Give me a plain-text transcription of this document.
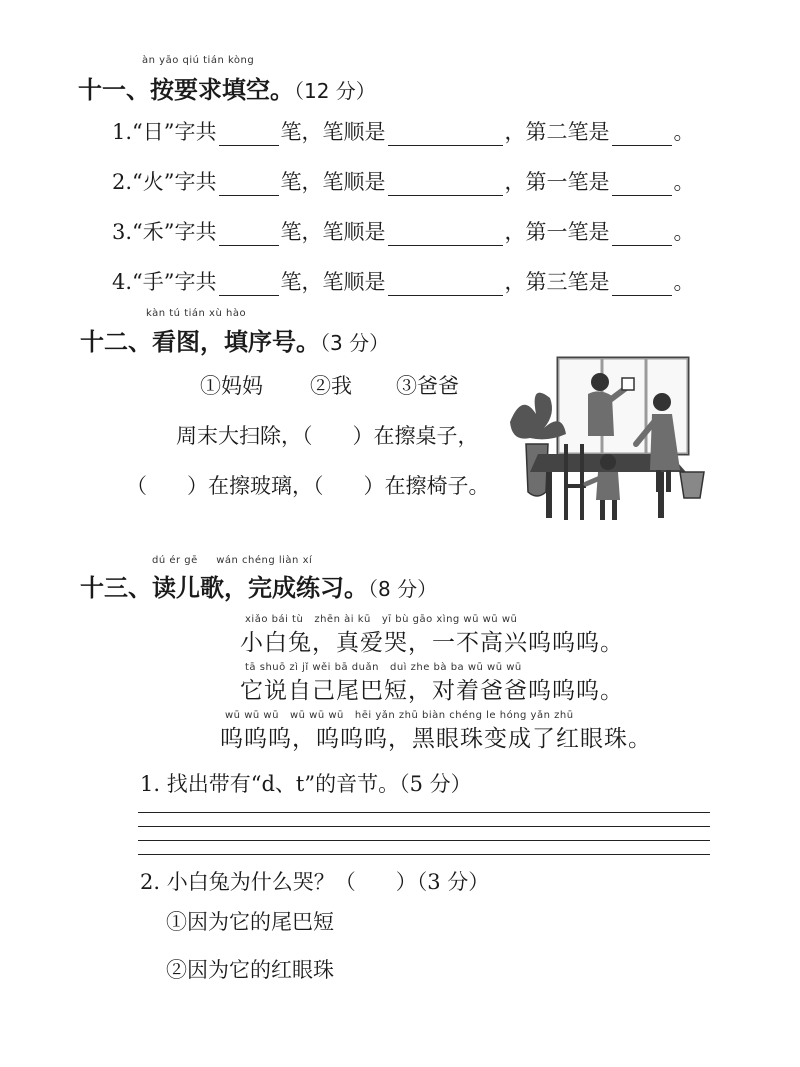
àn yāo qiú tián kòng
十一、按要求填空。（12 分）
1.“日”字共	笔，笔顺是	，第二笔是	。
2.“火”字共	笔，笔顺是	，第一笔是	。
3.“禾”字共	笔，笔顺是	，第一笔是	。
4.“手”字共	笔，笔顺是	，第三笔是	。
kàn tú tián xù hào
十二、看图，填序号。（3 分）
①妈妈 ②我 ③爸爸
周末大扫除，（ ）在擦桌子，
（ ）在擦玻璃，（ ）在擦椅子。
dú ér gē     wán chéng liàn xí
十三、读儿歌，完成练习。（8 分）
xiǎo bái tù   zhēn ài kū   yī bù gāo xìng wū wū wū
小白兔，真爱哭，一不高兴呜呜呜。
tā shuō zì jǐ wěi bā duǎn   duì zhe bà ba wū wū wū
它说自己尾巴短，对着爸爸呜呜呜。
wū wū wū   wū wū wū   hēi yǎn zhū biàn chéng le hóng yǎn zhū
呜呜呜，呜呜呜，黑眼珠变成了红眼珠。
1. 找出带有“d、t”的音节。（5 分）
2. 小白兔为什么哭？（ ）（3 分）
①因为它的尾巴短
②因为它的红眼珠
